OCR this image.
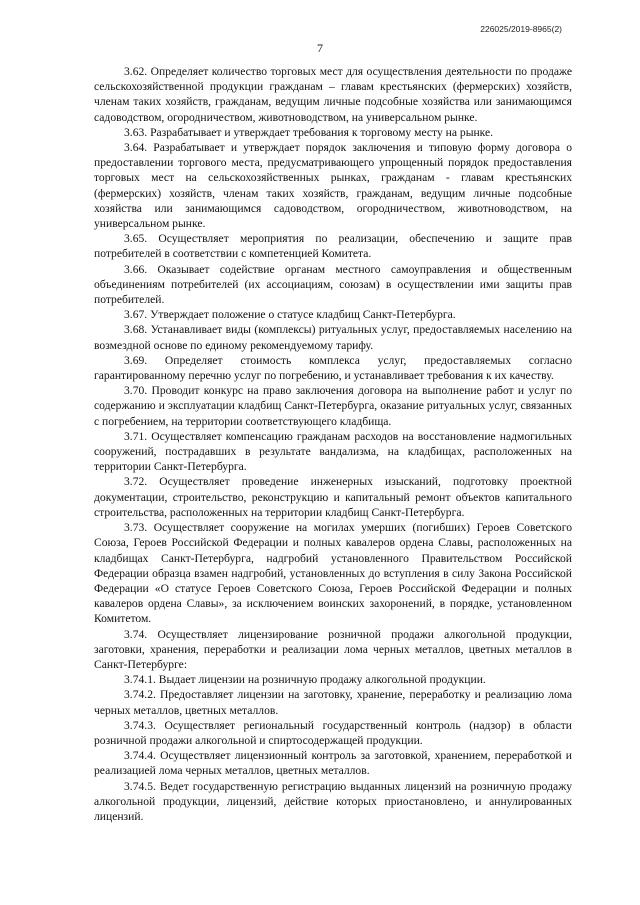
226025/2019-8965(2)
7

3.62. Определяет количество торговых мест для осуществления деятельности по продаже сельскохозяйственной продукции гражданам – главам крестьянских (фермерских) хозяйств, членам таких хозяйств, гражданам, ведущим личные подсобные хозяйства или занимающимся садоводством, огородничеством, животноводством, на универсальном рынке.

3.63. Разрабатывает и утверждает требования к торговому месту на рынке.

3.64. Разрабатывает и утверждает порядок заключения и типовую форму договора о предоставлении торгового места, предусматривающего упрощенный порядок предоставления торговых мест на сельскохозяйственных рынках, гражданам - главам крестьянских (фермерских) хозяйств, членам таких хозяйств, гражданам, ведущим личные подсобные хозяйства или занимающимся садоводством, огородничеством, животноводством, на универсальном рынке.

3.65. Осуществляет мероприятия по реализации, обеспечению и защите прав потребителей в соответствии с компетенцией Комитета.

3.66. Оказывает содействие органам местного самоуправления и общественным объединениям потребителей (их ассоциациям, союзам) в осуществлении ими защиты прав потребителей.

3.67. Утверждает положение о статусе кладбищ Санкт-Петербурга.

3.68. Устанавливает виды (комплексы) ритуальных услуг, предоставляемых населению на возмездной основе по единому рекомендуемому тарифу.

3.69. Определяет стоимость комплекса услуг, предоставляемых согласно гарантированному перечню услуг по погребению, и устанавливает требования к их качеству.

3.70. Проводит конкурс на право заключения договора на выполнение работ и услуг по содержанию и эксплуатации кладбищ Санкт-Петербурга, оказание ритуальных услуг, связанных с погребением, на территории соответствующего кладбища.

3.71. Осуществляет компенсацию гражданам расходов на восстановление надмогильных сооружений, пострадавших в результате вандализма, на кладбищах, расположенных на территории Санкт-Петербурга.

3.72. Осуществляет проведение инженерных изысканий, подготовку проектной документации, строительство, реконструкцию и капитальный ремонт объектов капитального строительства, расположенных на территории кладбищ Санкт-Петербурга.

3.73. Осуществляет сооружение на могилах умерших (погибших) Героев Советского Союза, Героев Российской Федерации и полных кавалеров ордена Славы, расположенных на кладбищах Санкт-Петербурга, надгробий установленного Правительством Российской Федерации образца взамен надгробий, установленных до вступления в силу Закона Российской Федерации «О статусе Героев Советского Союза, Героев Российской Федерации и полных кавалеров ордена Славы», за исключением воинских захоронений, в порядке, установленном Комитетом.

3.74. Осуществляет лицензирование розничной продажи алкогольной продукции, заготовки, хранения, переработки и реализации лома черных металлов, цветных металлов в Санкт-Петербурге:

3.74.1. Выдает лицензии на розничную продажу алкогольной продукции.

3.74.2. Предоставляет лицензии на заготовку, хранение, переработку и реализацию лома черных металлов, цветных металлов.

3.74.3. Осуществляет региональный государственный контроль (надзор) в области розничной продажи алкогольной и спиртосодержащей продукции.

3.74.4. Осуществляет лицензионный контроль за заготовкой, хранением, переработкой и реализацией лома черных металлов, цветных металлов.

3.74.5. Ведет государственную регистрацию выданных лицензий на розничную продажу алкогольной продукции, лицензий, действие которых приостановлено, и аннулированных лицензий.
